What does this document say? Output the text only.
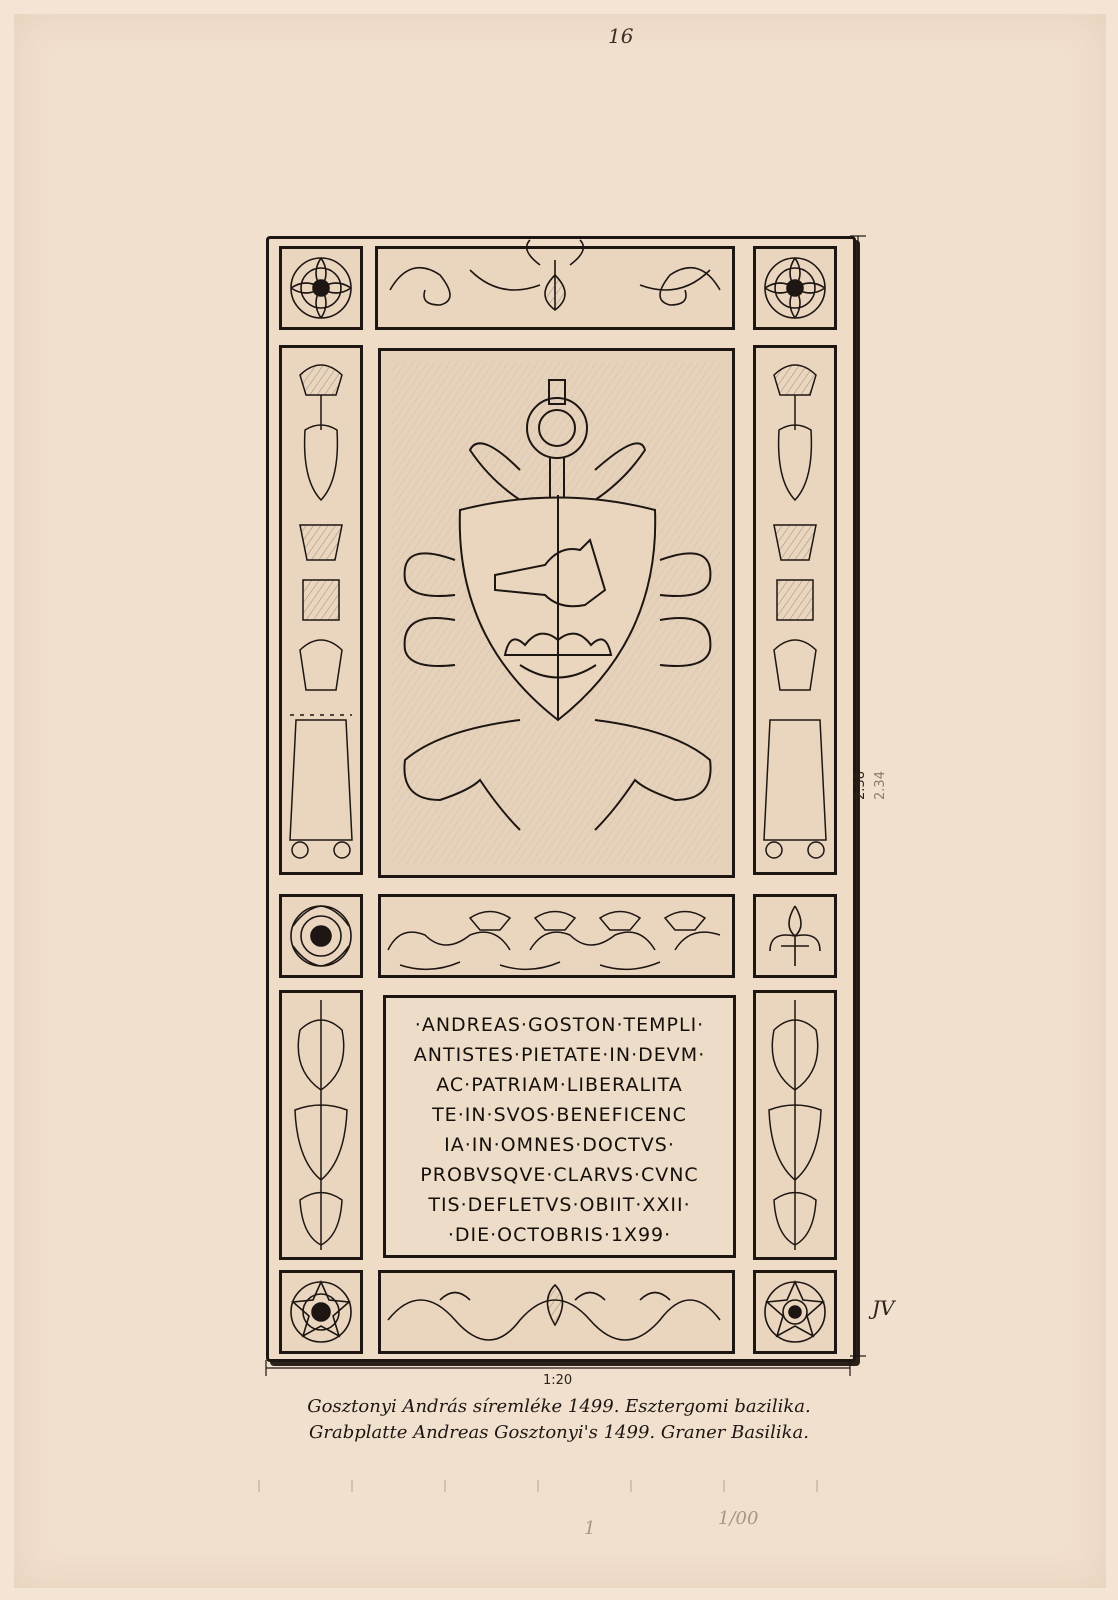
16
·ANDREAS·GOSTON·TEMPLI·
ANTISTES·PIETATE·IN·DEVM·
AC·PATRIAM·LIBERALITA
TE·IN·SVOS·BENEFICENC
IA·IN·OMNES·DOCTVS·
PROBVSQVE·CLARVS·CVNC
TIS·DEFLETVS·OBIIT·XXII·
·DIE·OCTOBRIS·1X99·
1:20
2.38 2.34
JV
Gosztonyi András síremléke 1499. Esztergomi bazilika.
Grabplatte Andreas Gosztonyi's 1499. Graner Basilika.
1	1/00
